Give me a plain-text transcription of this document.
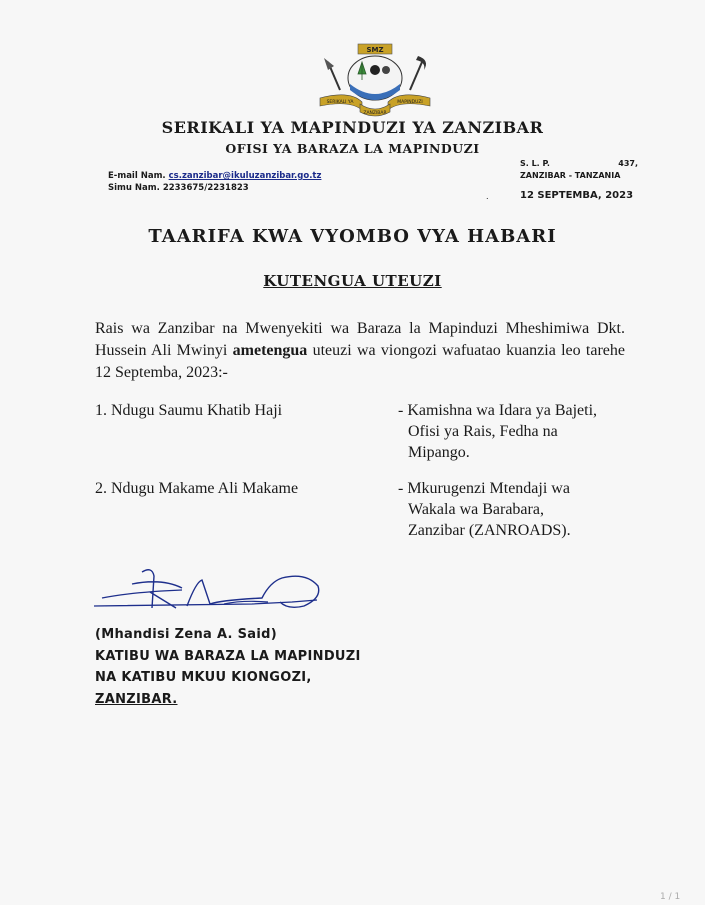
SMZ
SERIKALI YA	MAPINDUZI
ZANZIBAR
SERIKALI YA MAPINDUZI YA ZANZIBAR
OFISI YA BARAZA LA MAPINDUZI
E-mail Nam. cs.zanzibar@ikuluzanzibar.go.tz
Simu Nam. 2233675/2231823
S. L. P.	437,
ZANZIBAR - TANZANIA
.	12 SEPTEMBA, 2023
TAARIFA KWA VYOMBO VYA HABARI
KUTENGUA UTEUZI
Rais wa Zanzibar na Mwenyekiti wa Baraza la Mapinduzi Mheshimiwa Dkt. Hussein Ali Mwinyi ametengua uteuzi wa viongozi wafuatao kuanzia leo tarehe 12 Septemba, 2023:-
1. Ndugu Saumu Khatib Haji	- Kamishna wa Idara ya Bajeti,
Ofisi ya Rais, Fedha na
Mipango.
2. Ndugu Makame Ali Makame	- Mkurugenzi Mtendaji wa
Wakala wa Barabara,
Zanzibar (ZANROADS).
(Mhandisi Zena A. Said)
KATIBU WA BARAZA LA MAPINDUZI
NA KATIBU MKUU KIONGOZI,
ZANZIBAR.
1 / 1
